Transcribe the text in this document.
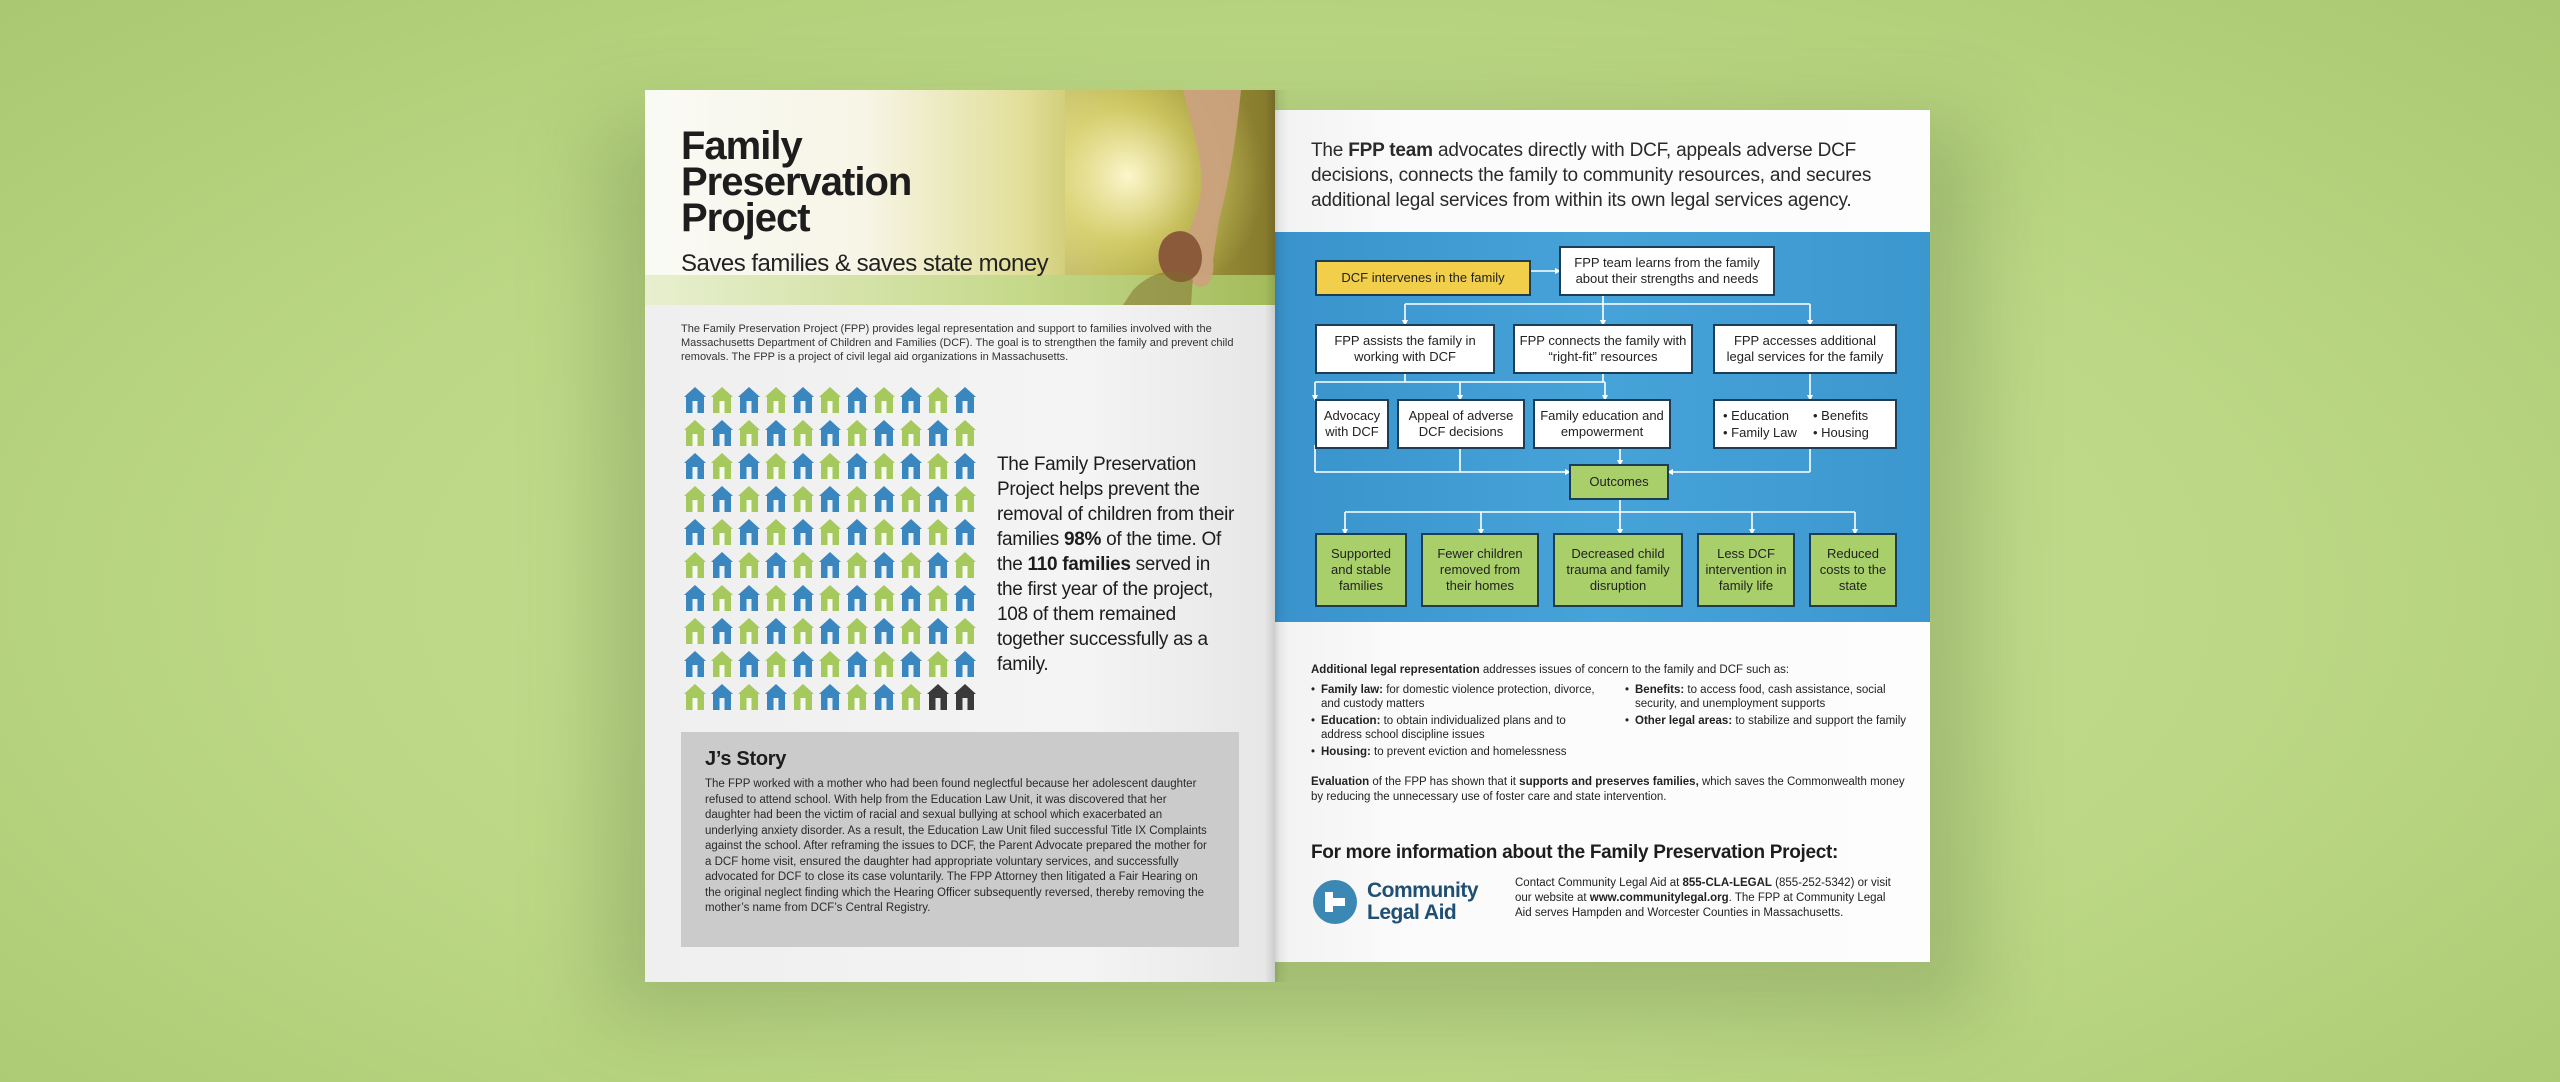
Family Preservation Project
Saves families & saves state money
The Family Preservation Project (FPP) provides legal representation and support to families involved with the Massachusetts Department of Children and Families (DCF). The goal is to strengthen the family and prevent child removals. The FPP is a project of civil legal aid organizations in Massachusetts.
The Family Preservation Project helps prevent the removal of children from their families 98% of the time. Of the 110 families served in the first year of the project, 108 of them remained together successfully as a family.
J’s Story

The FPP worked with a mother who had been found neglectful because her adolescent daughter refused to attend school. With help from the Education Law Unit, it was discovered that her daughter had been the victim of racial and sexual bullying at school which exacerbated an underlying anxiety disorder. As a result, the Education Law Unit filed successful Title IX Complaints against the school. After reframing the issues to DCF, the Parent Advocate prepared the mother for a DCF home visit, ensured the daughter had appropriate voluntary services, and successfully advocated for DCF to close its case voluntarily. The FPP Attorney then litigated a Fair Hearing on the original neglect finding which the Hearing Officer subsequently reversed, thereby removing the mother’s name from DCF’s Central Registry.

The FPP team advocates directly with DCF, appeals adverse DCF decisions, connects the family to community resources, and secures additional legal services from within its own legal services agency.
DCF intervenes in the family
FPP team learns from the family about their strengths and needs
FPP assists the family in working with DCF
FPP connects the family with “right-fit” resources
FPP accesses additional legal services for the family
Advocacy with DCF
Appeal of adverse DCF decisions
Family education and empowerment
• Education	• Benefits
• Family Law	• Housing
Outcomes
Supported and stable families
Fewer children removed from their homes
Decreased child trauma and family disruption
Less DCF intervention in family life
Reduced costs to the state
Additional legal representation addresses issues of concern to the family and DCF such as:
• Family law: for domestic violence protection, divorce, and custody matters
• Education: to obtain individualized plans and to address school discipline issues
• Housing: to prevent eviction and homelessness
• Benefits: to access food, cash assistance, social security, and unemployment supports
• Other legal areas: to stabilize and support the family
Evaluation of the FPP has shown that it supports and preserves families, which saves the Commonwealth money by reducing the unnecessary use of foster care and state intervention.
For more information about the Family Preservation Project:
Community
Legal Aid
Contact Community Legal Aid at 855-CLA-LEGAL (855-252-5342) or visit our website at www.communitylegal.org. The FPP at Community Legal Aid serves Hampden and Worcester Counties in Massachusetts.
